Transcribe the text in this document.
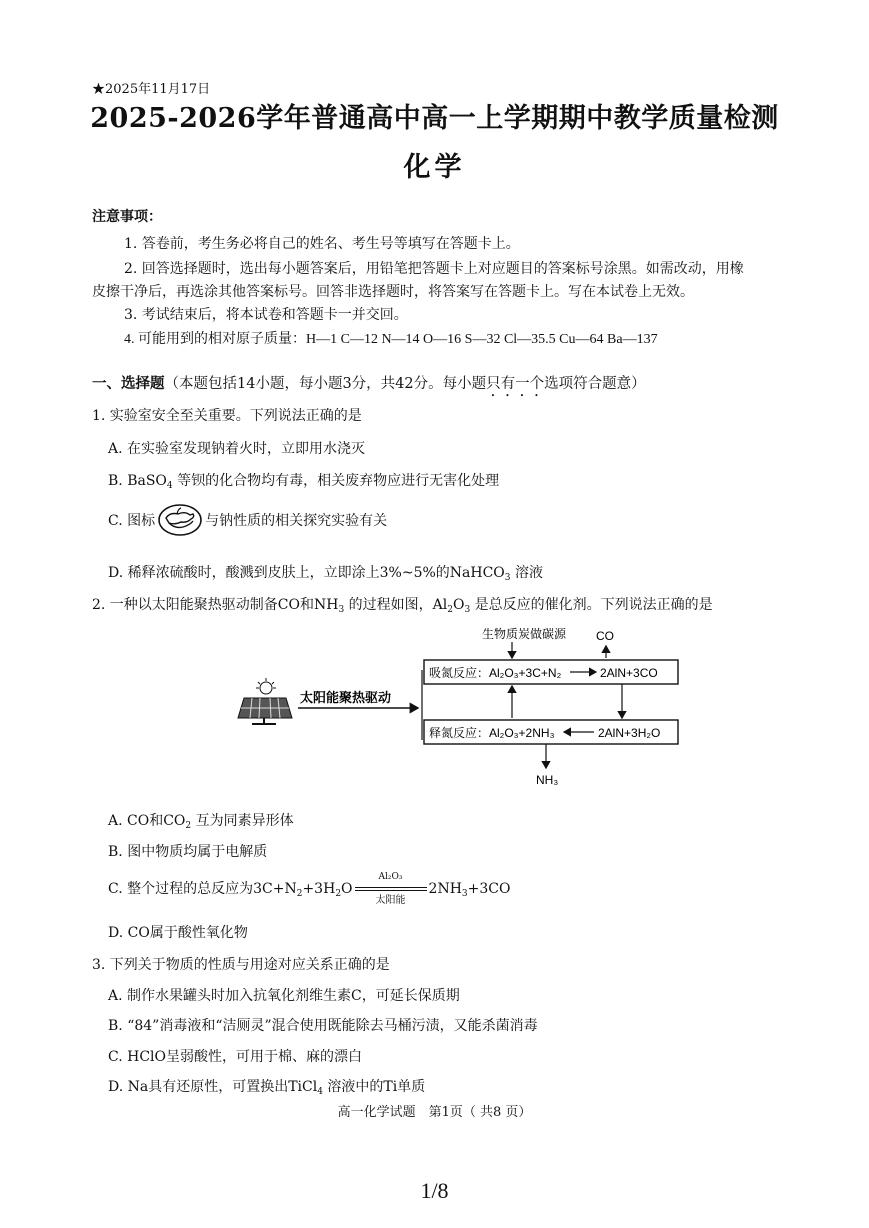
★2025年11月17日
2025-2026学年普通高中高一上学期期中教学质量检测
化学
注意事项：
1. 答卷前，考生务必将自己的姓名、考生号等填写在答题卡上。
2. 回答选择题时，选出每小题答案后，用铅笔把答题卡上对应题目的答案标号涂黑。如需改动，用橡
皮擦干净后，再选涂其他答案标号。回答非选择题时，将答案写在答题卡上。写在本试卷上无效。
3. 考试结束后，将本试卷和答题卡一并交回。
4. 可能用到的相对原子质量：H—1 C—12 N—14 O—16 S—32 Cl—35.5 Cu—64 Ba—137
一、选择题（本题包括14小题，每小题3分，共42分。每小题只有一个选项符合题意）
1. 实验室安全至关重要。下列说法正确的是
A. 在实验室发现钠着火时，立即用水浇灭
B. BaSO$_4$ 等钡的化合物均有毒，相关废弃物应进行无害化处理
C. 图标	与钠性质的相关探究实验有关
D. 稀释浓硫酸时，酸溅到皮肤上，立即涂上3%~5%的NaHCO$_3$ 溶液
2. 一种以太阳能聚热驱动制备CO和$NH_3$ 的过程如图，$Al_2O_3$ 是总反应的催化剂。下列说法正确的是
太阳能聚热驱动
生物质炭做碳源 CO
吸氮反应：Al₂O₃+3C+N₂	2AlN+3CO
释氮反应：Al₂O₃+2NH₃	2AlN+3H₂O
NH₃
A. CO和$CO_2$ 互为同素异形体
B. 图中物质均属于电解质
C. 整个过程的总反应为$3C+N_2+3H_2O \frac{\text{Al₂O₃}}{\text{太阳能}} 2NH_3+3CO$
D. CO属于酸性氧化物
3. 下列关于物质的性质与用途对应关系正确的是
A. 制作水果罐头时加入抗氧化剂维生素C，可延长保质期
B. “84”消毒液和“洁厕灵”混合使用既能除去马桶污渍，又能杀菌消毒
C. HClO呈弱酸性，可用于棉、麻的漂白
D. Na具有还原性，可置换出TiCl$_4$ 溶液中的Ti单质
高一化学试题　第1页（ 共8 页）
1/8
